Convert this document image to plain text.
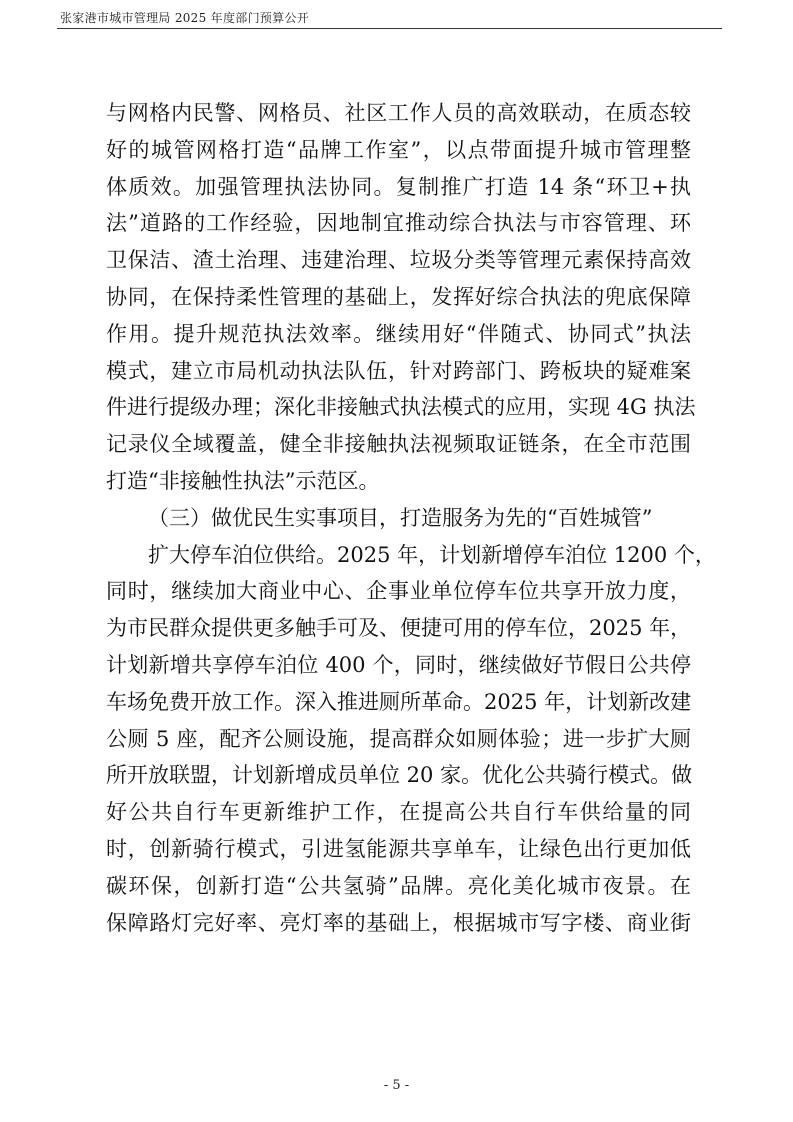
张家港市城市管理局 2025 年度部门预算公开
与网格内民警、网格员、社区工作人员的高效联动，在质态较
好的城管网格打造“品牌工作室”，以点带面提升城市管理整
体质效。加强管理执法协同。复制推广打造 14 条“环卫+执
法”道路的工作经验，因地制宜推动综合执法与市容管理、环
卫保洁、渣土治理、违建治理、垃圾分类等管理元素保持高效
协同，在保持柔性管理的基础上，发挥好综合执法的兜底保障
作用。提升规范执法效率。继续用好“伴随式、协同式”执法
模式，建立市局机动执法队伍，针对跨部门、跨板块的疑难案
件进行提级办理；深化非接触式执法模式的应用，实现 4G 执法
记录仪全域覆盖，健全非接触执法视频取证链条，在全市范围
打造“非接触性执法”示范区。
（三）做优民生实事项目，打造服务为先的“百姓城管”
扩大停车泊位供给。2025 年，计划新增停车泊位 1200 个，
同时，继续加大商业中心、企事业单位停车位共享开放力度，
为市民群众提供更多触手可及、便捷可用的停车位，2025 年，
计划新增共享停车泊位 400 个，同时，继续做好节假日公共停
车场免费开放工作。深入推进厕所革命。2025 年，计划新改建
公厕 5 座，配齐公厕设施，提高群众如厕体验；进一步扩大厕
所开放联盟，计划新增成员单位 20 家。优化公共骑行模式。做
好公共自行车更新维护工作，在提高公共自行车供给量的同
时，创新骑行模式，引进氢能源共享单车，让绿色出行更加低
碳环保，创新打造“公共氢骑”品牌。亮化美化城市夜景。在
保障路灯完好率、亮灯率的基础上，根据城市写字楼、商业街
- 5 -
